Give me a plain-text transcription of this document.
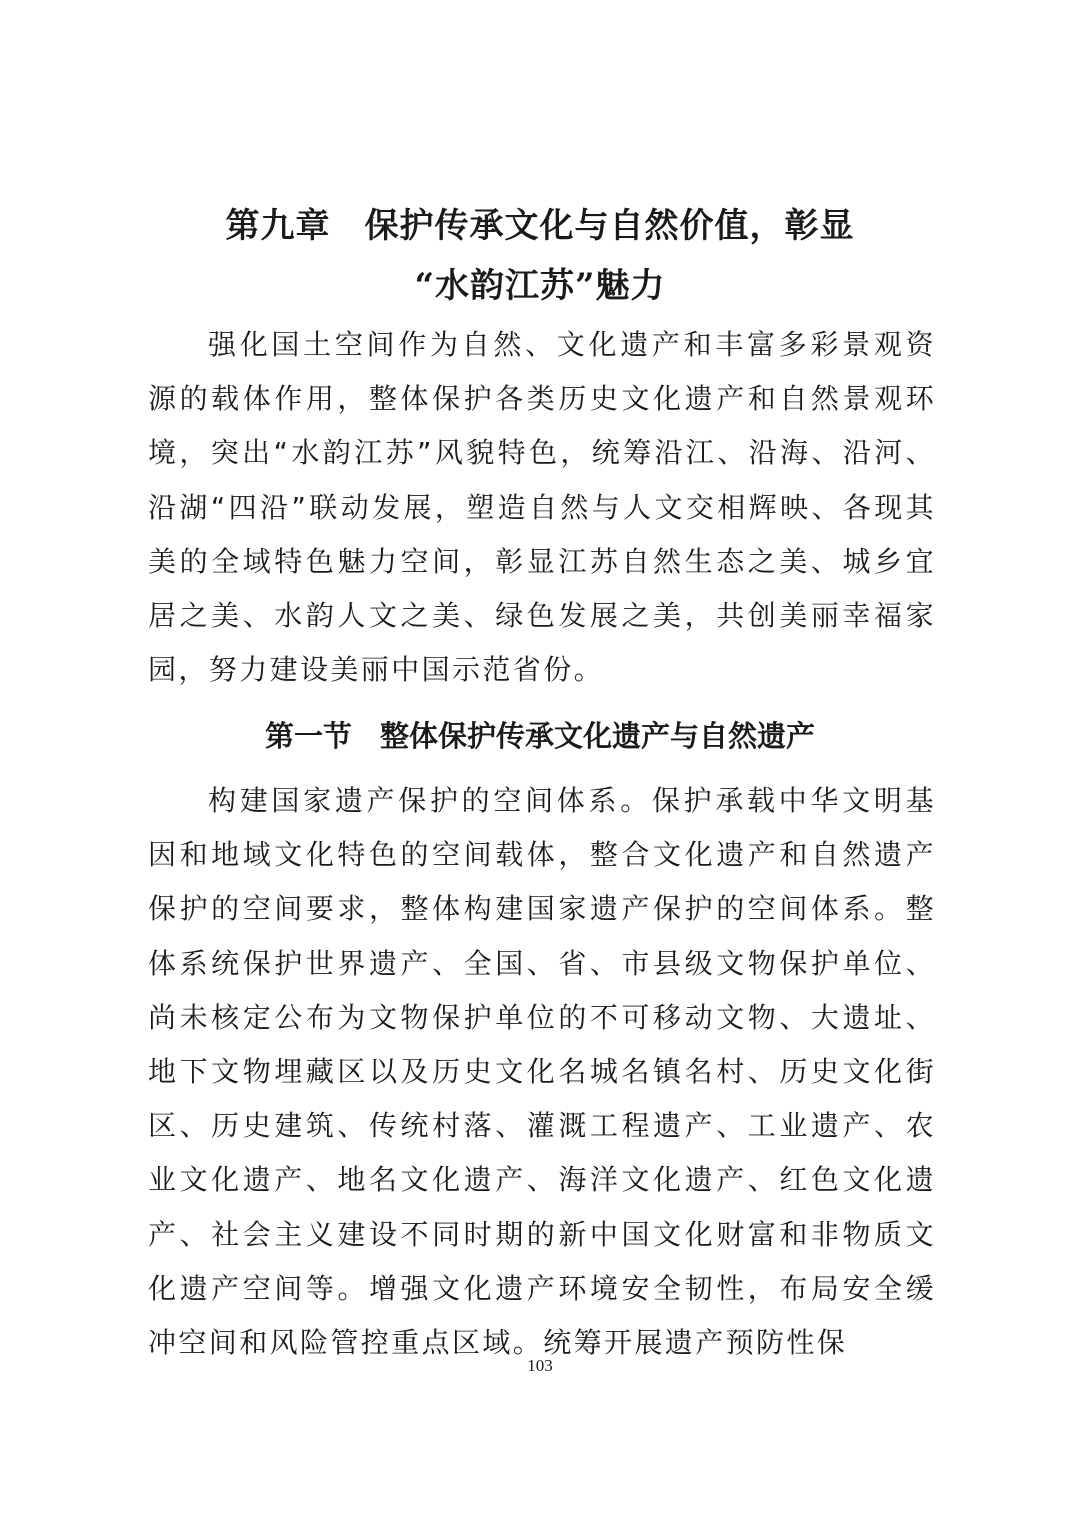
第九章 保护传承文化与自然价值，彰显
“水韵江苏”魅力

强化国土空间作为自然、文化遗产和丰富多彩景观资源的载体作用，整体保护各类历史文化遗产和自然景观环境，突出“水韵江苏”风貌特色，统筹沿江、沿海、沿河、沿湖“四沿”联动发展，塑造自然与人文交相辉映、各现其美的全域特色魅力空间，彰显江苏自然生态之美、城乡宜居之美、水韵人文之美、绿色发展之美，共创美丽幸福家园，努力建设美丽中国示范省份。

第一节 整体保护传承文化遗产与自然遗产

构建国家遗产保护的空间体系。保护承载中华文明基因和地域文化特色的空间载体，整合文化遗产和自然遗产保护的空间要求，整体构建国家遗产保护的空间体系。整体系统保护世界遗产、全国、省、市县级文物保护单位、尚未核定公布为文物保护单位的不可移动文物、大遗址、地下文物埋藏区以及历史文化名城名镇名村、历史文化街区、历史建筑、传统村落、灌溉工程遗产、工业遗产、农业文化遗产、地名文化遗产、海洋文化遗产、红色文化遗产、社会主义建设不同时期的新中国文化财富和非物质文化遗产空间等。增强文化遗产环境安全韧性，布局安全缓冲空间和风险管控重点区域。统筹开展遗产预防性保

103
